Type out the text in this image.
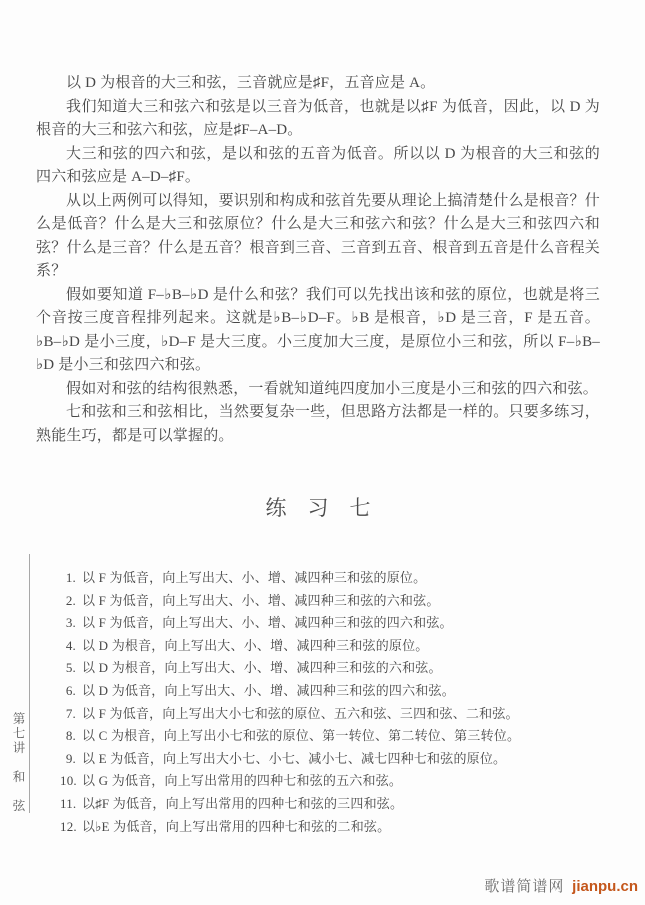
以 D 为根音的大三和弦，三音就应是♯F，五音应是 A。

我们知道大三和弦六和弦是以三音为低音，也就是以♯F 为低音，因此，以 D 为根音的大三和弦六和弦，应是♯F–A–D。

大三和弦的四六和弦，是以和弦的五音为低音。所以以 D 为根音的大三和弦的四六和弦应是 A–D–♯F。

从以上两例可以得知，要识别和构成和弦首先要从理论上搞清楚什么是根音？什么是低音？什么是大三和弦原位？什么是大三和弦六和弦？什么是大三和弦四六和弦？什么是三音？什么是五音？根音到三音、三音到五音、根音到五音是什么音程关系？

假如要知道 F–♭B–♭D 是什么和弦？我们可以先找出该和弦的原位，也就是将三个音按三度音程排列起来。这就是♭B–♭D–F。♭B 是根音，♭D 是三音，F 是五音。♭B–♭D 是小三度，♭D–F 是大三度。小三度加大三度，是原位小三和弦，所以 F–♭B–♭D 是小三和弦四六和弦。

假如对和弦的结构很熟悉，一看就知道纯四度加小三度是小三和弦的四六和弦。

七和弦和三和弦相比，当然要复杂一些，但思路方法都是一样的。只要多练习，熟能生巧，都是可以掌握的。

练　习　七
1. 以 F 为低音，向上写出大、小、增、减四种三和弦的原位。
2. 以 F 为低音，向上写出大、小、增、减四种三和弦的六和弦。
3. 以 F 为低音，向上写出大、小、增、减四种三和弦的四六和弦。
4. 以 D 为根音，向上写出大、小、增、减四种三和弦的原位。
5. 以 D 为根音，向上写出大、小、增、减四种三和弦的六和弦。
6. 以 D 为低音，向上写出大、小、增、减四种三和弦的四六和弦。
7. 以 F 为低音，向上写出大小七和弦的原位、五六和弦、三四和弦、二和弦。
8. 以 C 为根音，向上写出小七和弦的原位、第一转位、第二转位、第三转位。
9. 以 E 为低音，向上写出大小七、小七、减小七、减七四种七和弦的原位。
10. 以 G 为低音，向上写出常用的四种七和弦的五六和弦。
11. 以♯F 为低音，向上写出常用的四种七和弦的三四和弦。
12. 以♭E 为低音，向上写出常用的四种七和弦的二和弦。
第七讲　和　弦
歌谱简谱网 jianpu.cn
